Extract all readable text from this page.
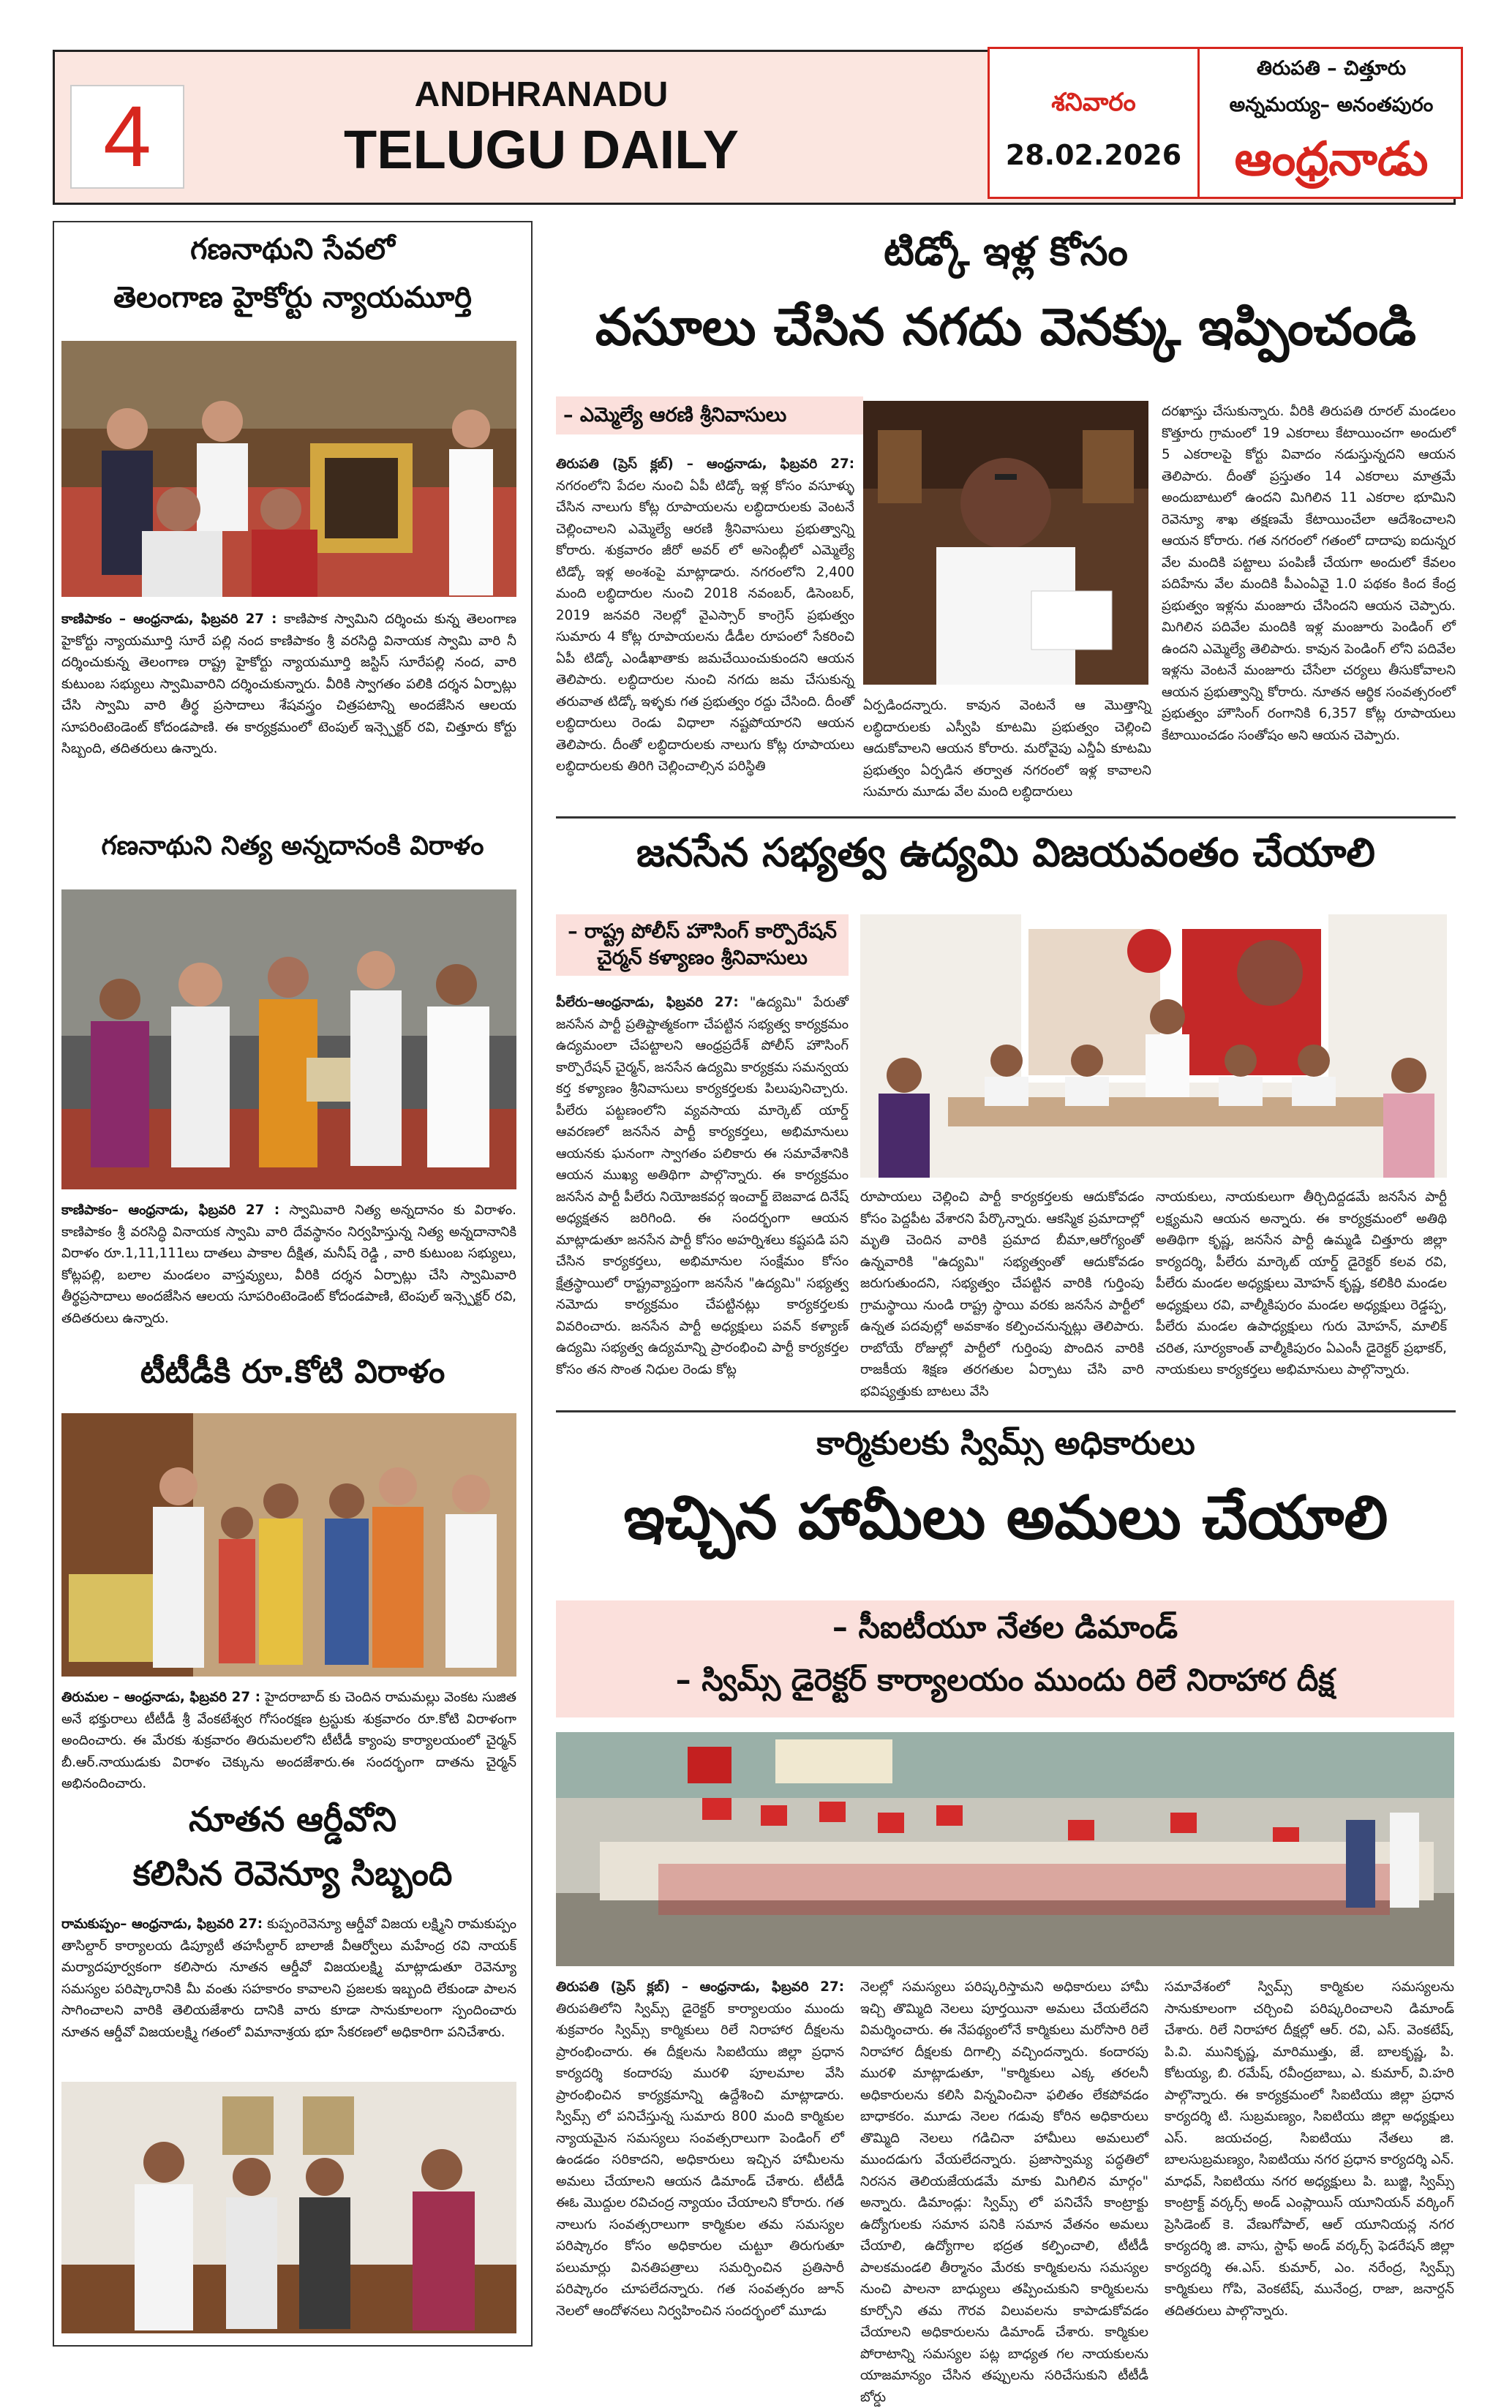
4	ANDHRANADU
TELUGU DAILY
శనివారం
28.02.2026
తిరుపతి – చిత్తూరు
అన్నమయ్య– అనంతపురం
ఆంధ్రనాడు
గణనాథుని సేవలో
తెలంగాణ హైకోర్టు న్యాయమూర్తి
కాణిపాకం – ఆంధ్రనాడు, ఫిబ్రవరి 27 : కాణిపాక స్వామిని దర్శించు కున్న తెలంగాణ హైకోర్టు న్యాయమూర్తి సూరే పల్లి నంద కాణిపాకం శ్రీ వరసిద్ధి వినాయక స్వామి వారి నీ దర్శించుకున్న తెలంగాణ రాష్ట్ర హైకోర్టు న్యాయమూర్తి జస్టిస్ సూరేపల్లి నంద, వారి కుటుంబ సభ్యులు స్వామివారిని దర్శించుకున్నారు. వీరికి స్వాగతం పలికి దర్శన ఏర్పాట్లు చేసి స్వామి వారి తీర్థ ప్రసాదాలు శేషవస్త్రం చిత్రపటాన్ని అందజేసిన ఆలయ సూపరింటెండెంట్ కోదండపాణి. ఈ కార్యక్రమంలో టెంపుల్ ఇన్స్పెక్టర్ రవి, చిత్తూరు కోర్టు సిబ్బంది, తదితరులు ఉన్నారు.
గణనాథుని నిత్య అన్నదానంకి విరాళం
కాణిపాకం– ఆంధ్రనాడు, ఫిబ్రవరి 27 : స్వామివారి నిత్య అన్నదానం కు విరాళం. కాణిపాకం శ్రీ వరసిద్ధి వినాయక స్వామి వారి దేవస్థానం నిర్వహిస్తున్న నిత్య అన్నదానానికి విరాళం రూ.1,11,111లు దాతలు పాకాల దీక్షిత, మనీష్ రెడ్డి , వారి కుటుంబ సభ్యులు, కోట్లపల్లి, బలాల మండలం వాస్తవ్యులు, వీరికి దర్శన ఏర్పాట్లు చేసి స్వామివారి తీర్థప్రసాదాలు అందజేసిన ఆలయ సూపరింటెండెంట్ కోదండపాణి, టెంపుల్ ఇన్స్పెక్టర్ రవి, తదితరులు ఉన్నారు.
టీటీడీకి రూ.కోటి విరాళం
తిరుమల – ఆంధ్రనాడు, ఫిబ్రవరి 27 : హైదరాబాద్ కు చెందిన రామమల్లు వెంకట సుజిత అనే భక్తురాలు టీటీడీ శ్రీ వేంకటేశ్వర గోసంరక్షణ ట్రస్టుకు శుక్రవారం రూ.కోటి విరాళంగా అందించారు. ఈ మేరకు శుక్రవారం తిరుమలలోని టీటీడీ క్యాంపు కార్యాలయంలో చైర్మన్ బీ.ఆర్.నాయుడుకు విరాళం చెక్కును అందజేశారు.ఈ సందర్భంగా దాతను చైర్మన్ అభినందించారు.
నూతన ఆర్డీవోని
కలిసిన రెవెన్యూ సిబ్బంది
రామకుప్పం– ఆంధ్రనాడు, ఫిబ్రవరి 27: కుప్పంరెవెన్యూ ఆర్డీవో విజయ లక్ష్మిని రామకుప్పం తాసిల్దార్ కార్యాలయ డిప్యూటీ తహసీల్దార్ బాలాజీ వీఆర్వోలు మహేంద్ర రవి నాయక్ మర్యాదపూర్వకంగా కలిసారు నూతన ఆర్డీవో విజయలక్ష్మి మాట్లాడుతూ రెవెన్యూ సమస్యల పరిష్కారానికి మీ వంతు సహకారం కావాలని ప్రజలకు ఇబ్బంది లేకుండా పాలన సాగించాలని వారికి తెలియజేశారు దానికి వారు కూడా సానుకూలంగా స్పందించారు నూతన ఆర్డీవో విజయలక్ష్మి గతంలో విమానాశ్రయ భూ సేకరణలో అధికారిగా పనిచేశారు.
టిడ్కో ఇళ్ల కోసం
వసూలు చేసిన నగదు వెనక్కు ఇప్పించండి
– ఎమ్మెల్యే ఆరణి శ్రీనివాసులు
తిరుపతి (ప్రెస్ క్లబ్) – ఆంధ్రనాడు, ఫిబ్రవరి 27: నగరంలోని పేదల నుంచి ఏపీ టిడ్కో ఇళ్ల కోసం వసూళ్ళు చేసిన నాలుగు కోట్ల రూపాయలను లబ్ధిదారులకు వెంటనే చెల్లించాలని ఎమ్మెల్యే ఆరణి శ్రీనివాసులు ప్రభుత్వాన్ని కోరారు. శుక్రవారం జీరో అవర్ లో అసెంబ్లీలో ఎమ్మెల్యే టిడ్కో ఇళ్ల అంశంపై మాట్లాడారు. నగరంలోని 2,400 మంది లబ్ధిదారుల నుంచి 2018 నవంబర్, డిసెంబర్, 2019 జనవరి నెలల్లో వైఎస్సార్ కాంగ్రెస్ ప్రభుత్వం సుమారు 4 కోట్ల రూపాయలను డీడీల రూపంలో సేకరించి ఏపీ టిడ్కో ఎండీఖాతాకు జమచేయించుకుందని ఆయన తెలిపారు. లబ్ధిదారుల నుంచి నగదు జమ చేసుకున్న తరువాత టిడ్కో ఇళ్ళకు గత ప్రభుత్వం రద్దు చేసింది. దీంతో లబ్ధిదారులు రెండు విధాలా నష్టపోయారని ఆయన తెలిపారు. దీంతో లబ్ధిదారులకు నాలుగు కోట్ల రూపాయలు లబ్ధిదారులకు తిరిగి చెల్లించాల్సిన పరిస్థితి
ఏర్పడిందన్నారు. కావున వెంటనే ఆ మొత్తాన్ని లబ్ధిదారులకు ఎస్వీపి కూటమి ప్రభుత్వం చెల్లించి ఆదుకోవాలని ఆయన కోరారు. మరోవైపు ఎన్డీఏ కూటమి ప్రభుత్వం ఏర్పడిన తర్వాత నగరంలో ఇళ్ల కావాలని సుమారు మూడు వేల మంది లబ్ధిదారులు
దరఖాస్తు చేసుకున్నారు. వీరికి తిరుపతి రూరల్ మండలం కొత్తూరు గ్రామంలో 19 ఎకరాలు కేటాయించగా అందులో 5 ఎకరాలపై కోర్టు వివాదం నడుస్తున్నదని ఆయన తెలిపారు. దీంతో ప్రస్తుతం 14 ఎకరాలు మాత్రమే అందుబాటులో ఉందని మిగిలిన 11 ఎకరాల భూమిని రెవెన్యూ శాఖ తక్షణమే కేటాయించేలా ఆదేశించాలని ఆయన కోరారు. గత నగరంలో గతంలో దాదాపు ఐదున్నర వేల మందికి పట్టాలు పంపిణీ చేయగా అందులో కేవలం పదిహేను వేల మందికి పీఎంఏవై 1.0 పథకం కింద కేంద్ర ప్రభుత్వం ఇళ్లను మంజూరు చేసిందని ఆయన చెప్పారు. మిగిలిన పదివేల మందికి ఇళ్ల మంజూరు పెండింగ్ లో ఉందని ఎమ్మెల్యే తెలిపారు. కావున పెండింగ్ లోని పదివేల ఇళ్లను వెంటనే మంజూరు చేసేలా చర్యలు తీసుకోవాలని ఆయన ప్రభుత్వాన్ని కోరారు. నూతన ఆర్థిక సంవత్సరంలో ప్రభుత్వం హౌసింగ్ రంగానికి 6,357 కోట్ల రూపాయలు కేటాయించడం సంతోషం అని ఆయన చెప్పారు.
జనసేన సభ్యత్వ ఉద్యమి విజయవంతం చేయాలి
– రాష్ట్ర పోలీస్ హౌసింగ్ కార్పొరేషన్
చైర్మన్ కళ్యాణం శ్రీనివాసులు
పీలేరు–ఆంధ్రనాడు, ఫిబ్రవరి 27: "ఉద్యమి" పేరుతో జనసేన పార్టీ ప్రతిష్టాత్మకంగా చేపట్టిన సభ్యత్వ కార్యక్రమం ఉద్యమంలా చేపట్టాలని ఆంధ్రప్రదేశ్ పోలీస్ హౌసింగ్ కార్పొరేషన్ చైర్మన్, జనసేన ఉద్యమి కార్యక్రమ సమన్వయ కర్త కళ్యాణం శ్రీనివాసులు కార్యకర్తలకు పిలుపునిచ్చారు. పీలేరు పట్టణంలోని వ్యవసాయ మార్కెట్ యార్డ్ ఆవరణలో జనసేన పార్టీ కార్యకర్తలు, అభిమానులు ఆయనకు ఘనంగా స్వాగతం పలికారు ఈ సమావేశానికి ఆయన ముఖ్య అతిథిగా పాల్గొన్నారు. ఈ కార్యక్రమం జనసేన పార్టీ పీలేరు నియోజకవర్గ ఇంచార్జ్ బెజవాడ దినేష్ అధ్యక్షతన జరిగింది. ఈ సందర్భంగా ఆయన మాట్లాడుతూ జనసేన పార్టీ కోసం అహర్నిశలు కష్టపడి పని చేసిన కార్యకర్తలు, అభిమానుల సంక్షేమం కోసం క్షేత్రస్థాయిలో రాష్ట్రవ్యాప్తంగా జనసేన "ఉద్యమి" సభ్యత్వ నమోదు కార్యక్రమం చేపట్టినట్లు కార్యకర్తలకు వివరించారు. జనసేన పార్టీ అధ్యక్షులు పవన్ కళ్యాణ్ ఉద్యమి సభ్యత్వ ఉద్యమాన్ని ప్రారంభించి పార్టీ కార్యకర్తల కోసం తన సొంత నిధుల రెండు కోట్ల
రూపాయలు చెల్లించి పార్టీ కార్యకర్తలకు ఆదుకోవడం కోసం పెద్దపీట వేశారని పేర్కొన్నారు. ఆకస్మిక ప్రమాదాల్లో మృతి చెందిన వారికి ప్రమాద బీమా,ఆరోగ్యంతో ఉన్నవారికి "ఉద్యమి" సభ్యత్వంతో ఆదుకోవడం జరుగుతుందని, సభ్యత్వం చేపట్టిన వారికి గుర్తింపు గ్రామస్థాయి నుండి రాష్ట్ర స్థాయి వరకు జనసేన పార్టీలో ఉన్నత పదవుల్లో అవకాశం కల్పించనున్నట్లు తెలిపారు. రాబోయే రోజుల్లో పార్టీలో గుర్తింపు పొందిన వారికి రాజకీయ శిక్షణ తరగతుల ఏర్పాటు చేసి వారి భవిష్యత్తుకు బాటలు వేసి
నాయకులు, నాయకులుగా తీర్చిదిద్దడమే జనసేన పార్టీ లక్ష్యమని ఆయన అన్నారు. ఈ కార్యక్రమంలో అతిథి అతిథిగా కృష్ణ, జనసేన పార్టీ ఉమ్మడి చిత్తూరు జిల్లా కార్యదర్శి, పీలేరు మార్కెట్ యార్డ్ డైరెక్టర్ కలవ రవి, పీలేరు మండల అధ్యక్షులు మోహన్ కృష్ణ, కలికిరి మండల అధ్యక్షులు రవి, వాల్మీకిపురం మండల అధ్యక్షులు రెడ్డప్ప, పీలేరు మండల ఉపాధ్యక్షులు గురు మోహన్, మాలిక్ చరిత, సూర్యకాంత్ వాల్మీకిపురం ఏఎంసీ డైరెక్టర్ ప్రభాకర్, నాయకులు కార్యకర్తలు అభిమానులు పాల్గొన్నారు.
కార్మికులకు స్విమ్స్ అధికారులు
ఇచ్చిన హామీలు అమలు చేయాలి
– సీఐటీయూ నేతల డిమాండ్
– స్విమ్స్ డైరెక్టర్ కార్యాలయం ముందు రిలే నిరాహార దీక్ష
తిరుపతి (ప్రెస్ క్లబ్) – ఆంధ్రనాడు, ఫిబ్రవరి 27: తిరుపతిలోని స్విమ్స్ డైరెక్టర్ కార్యాలయం ముందు శుక్రవారం స్విమ్స్ కార్మికులు రిలే నిరాహార దీక్షలను ప్రారంభించారు. ఈ దీక్షలను సిఐటియు జిల్లా ప్రధాన కార్యదర్శి కందారపు మురళి పూలమాల వేసి ప్రారంభించిన కార్యక్రమాన్ని ఉద్దేశించి మాట్లాడారు. స్విమ్స్ లో పనిచేస్తున్న సుమారు 800 మంది కార్మికుల న్యాయమైన సమస్యలు సంవత్సరాలుగా పెండింగ్ లో ఉండడం సరికాదని, అధికారులు ఇచ్చిన హామీలను అమలు చేయాలని ఆయన డిమాండ్ చేశారు. టీటీడీ ఈఓ మొద్దుల రవిచంద్ర న్యాయం చేయాలని కోరారు. గత నాలుగు సంవత్సరాలుగా కార్మికుల తమ సమస్యల పరిష్కారం కోసం అధికారుల చుట్టూ తిరుగుతూ పలుమార్లు వినతిపత్రాలు సమర్పించిన ప్రతిసారీ పరిష్కారం చూపలేదన్నారు. గత సంవత్సరం జూన్ నెలలో ఆందోళనలు నిర్వహించిన సందర్భంలో మూడు
నెలల్లో సమస్యలు పరిష్కరిస్తామని అధికారులు హామీ ఇచ్చి తొమ్మిది నెలలు పూర్తయినా అమలు చేయలేదని విమర్శించారు. ఈ నేపథ్యంలోనే కార్మికులు మరోసారి రిలే నిరాహార దీక్షలకు దిగాల్సి వచ్చిందన్నారు. కందారపు మురళి మాట్లాడుతూ, "కార్మికులు ఎక్క తరలనీ అధికారులను కలిసి విన్నవించినా ఫలితం లేకపోవడం బాధాకరం. మూడు నెలల గడువు కోరిన అధికారులు తొమ్మిది నెలలు గడిచినా హామీలు అమలులో ముందడుగు వేయలేదన్నారు. ప్రజాస్వామ్య పద్ధతిలో నిరసన తెలియజేయడమే మాకు మిగిలిన మార్గం" అన్నారు. డిమాండ్లు: స్విమ్స్ లో పనిచేసే కాంట్రాక్టు ఉద్యోగులకు సమాన పనికి సమాన వేతనం అమలు చేయాలి, ఉద్యోగాల భద్రత కల్పించాలి, టీటీడీ పాలకమండలి తీర్మానం మేరకు కార్మికులను సమస్యల నుంచి పాలనా బాధ్యులు తప్పించుకుని కార్మికులను కూర్చోని తమ గౌరవ విలువలను కాపాడుకోవడం చేయాలని అధికారులను డిమాండ్ చేశారు. కార్మికుల పోరాటాన్ని సమస్యల పట్ల బాధ్యత గల నాయకులను యాజమాన్యం చేసిన తప్పులను సరిచేసుకుని టీటీడీ బోర్డు
సమావేశంలో స్విమ్స్ కార్మికుల సమస్యలను సానుకూలంగా చర్చించి పరిష్కరించాలని డిమాండ్ చేశారు. రిలే నిరాహార దీక్షల్లో ఆర్. రవి, ఎస్. వెంకటేష్, పి.వి. మునికృష్ణ, మారిముత్తు, జే. బాలకృష్ణ, పి. కోటయ్య, బి. రమేష్, రవీంద్రబాబు, ఎ. కుమార్, వి.హరి పాల్గొన్నారు. ఈ కార్యక్రమంలో సిఐటియు జిల్లా ప్రధాన కార్యదర్శి టి. సుబ్రమణ్యం, సిఐటియు జిల్లా అధ్యక్షులు ఎస్. జయచంద్ర, సిఐటియు నేతలు జి. బాలసుబ్రమణ్యం, సిఐటియు నగర ప్రధాన కార్యదర్శి ఎన్. మాధవ్, సిఐటియు నగర అధ్యక్షులు పి. బుజ్జి, స్విమ్స్ కాంట్రాక్ట్ వర్కర్స్ అండ్ ఎంప్లాయిస్ యూనియన్ వర్కింగ్ ప్రెసిడెంట్ కె. వేణుగోపాల్, ఆల్ యూనియన్ల నగర కార్యదర్శి జి. వాసు, స్టాఫ్ అండ్ వర్కర్స్ ఫెడరేషన్ జిల్లా కార్యదర్శి ఈ.ఎస్. కుమార్, ఎం. నరేంద్ర, స్విమ్స్ కార్మికులు గోపి, వెంకటేష్, మునేంద్ర, రాజా, జనార్దన్ తదితరులు పాల్గొన్నారు.
